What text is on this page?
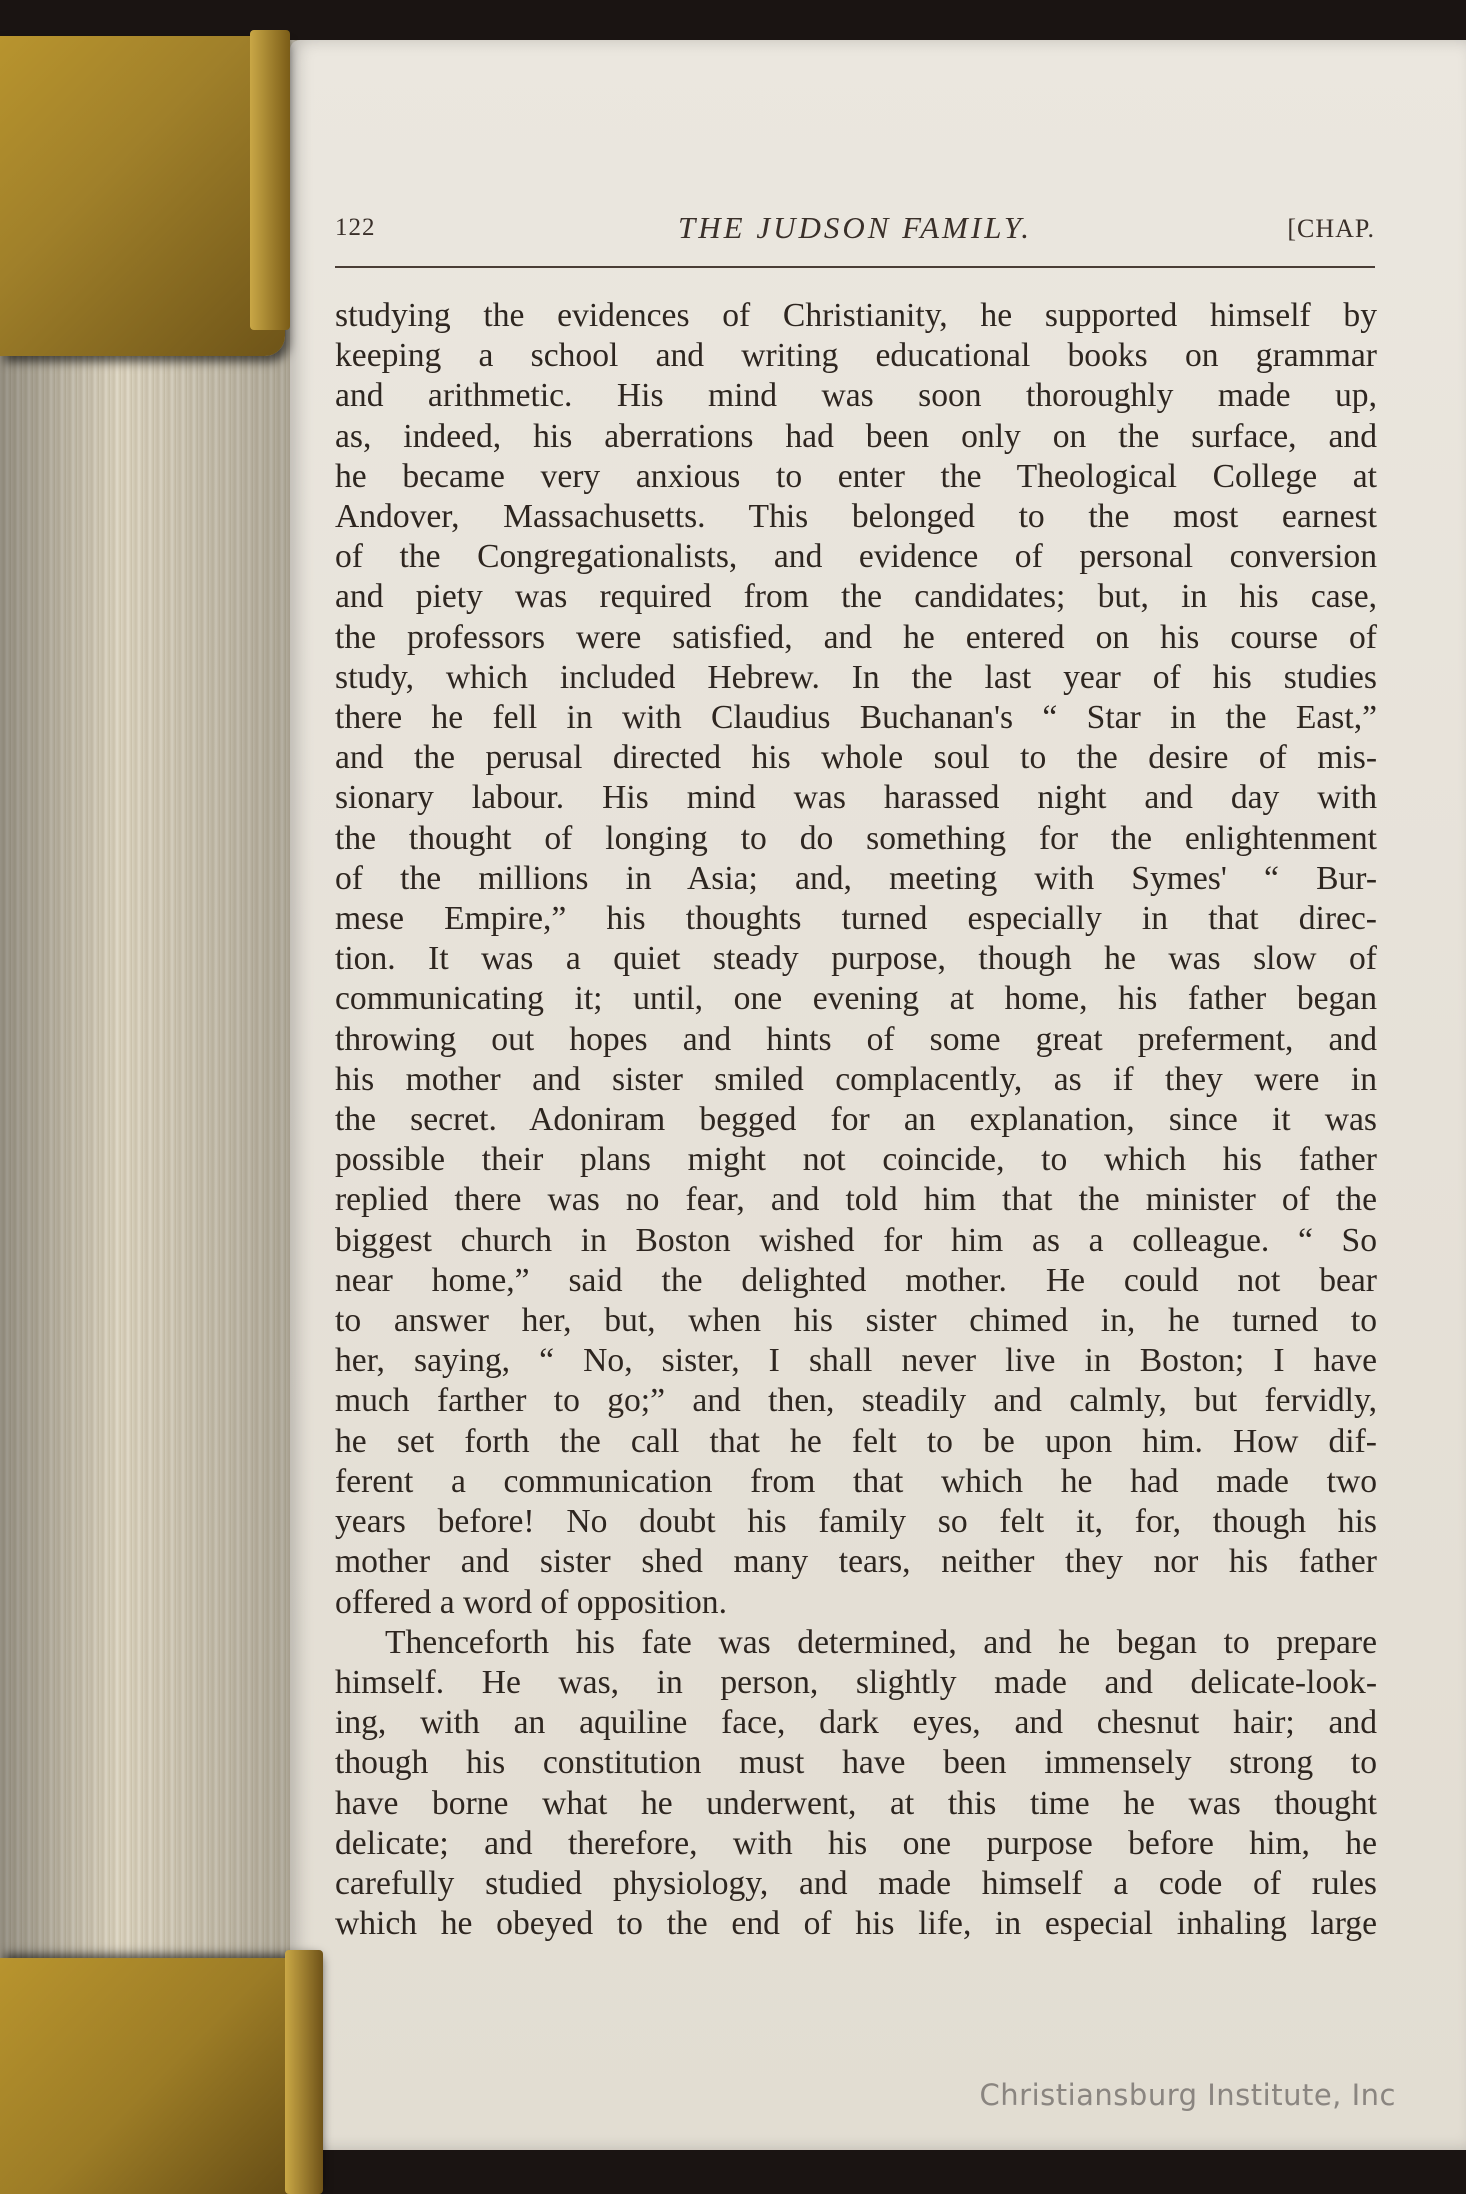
122	THE JUDSON FAMILY.	[CHAP.
studying the evidences of Christianity, he supported himself by
keeping a school and writing educational books on grammar
and arithmetic. His mind was soon thoroughly made up,
as, indeed, his aberrations had been only on the surface, and
he became very anxious to enter the Theological College at
Andover, Massachusetts. This belonged to the most earnest
of the Congregationalists, and evidence of personal conversion
and piety was required from the candidates; but, in his case,
the professors were satisfied, and he entered on his course of
study, which included Hebrew. In the last year of his studies
there he fell in with Claudius Buchanan's “ Star in the East,”
and the perusal directed his whole soul to the desire of mis-
sionary labour. His mind was harassed night and day with
the thought of longing to do something for the enlightenment
of the millions in Asia; and, meeting with Symes' “ Bur-
mese Empire,” his thoughts turned especially in that direc-
tion. It was a quiet steady purpose, though he was slow of
communicating it; until, one evening at home, his father began
throwing out hopes and hints of some great preferment, and
his mother and sister smiled complacently, as if they were in
the secret. Adoniram begged for an explanation, since it was
possible their plans might not coincide, to which his father
replied there was no fear, and told him that the minister of the
biggest church in Boston wished for him as a colleague. “ So
near home,” said the delighted mother. He could not bear
to answer her, but, when his sister chimed in, he turned to
her, saying, “ No, sister, I shall never live in Boston; I have
much farther to go;” and then, steadily and calmly, but fervidly,
he set forth the call that he felt to be upon him. How dif-
ferent a communication from that which he had made two
years before! No doubt his family so felt it, for, though his
mother and sister shed many tears, neither they nor his father
offered a word of opposition.
Thenceforth his fate was determined, and he began to prepare
himself. He was, in person, slightly made and delicate-look-
ing, with an aquiline face, dark eyes, and chesnut hair; and
though his constitution must have been immensely strong to
have borne what he underwent, at this time he was thought
delicate; and therefore, with his one purpose before him, he
carefully studied physiology, and made himself a code of rules
which he obeyed to the end of his life, in especial inhaling large
Christiansburg Institute, Inc
